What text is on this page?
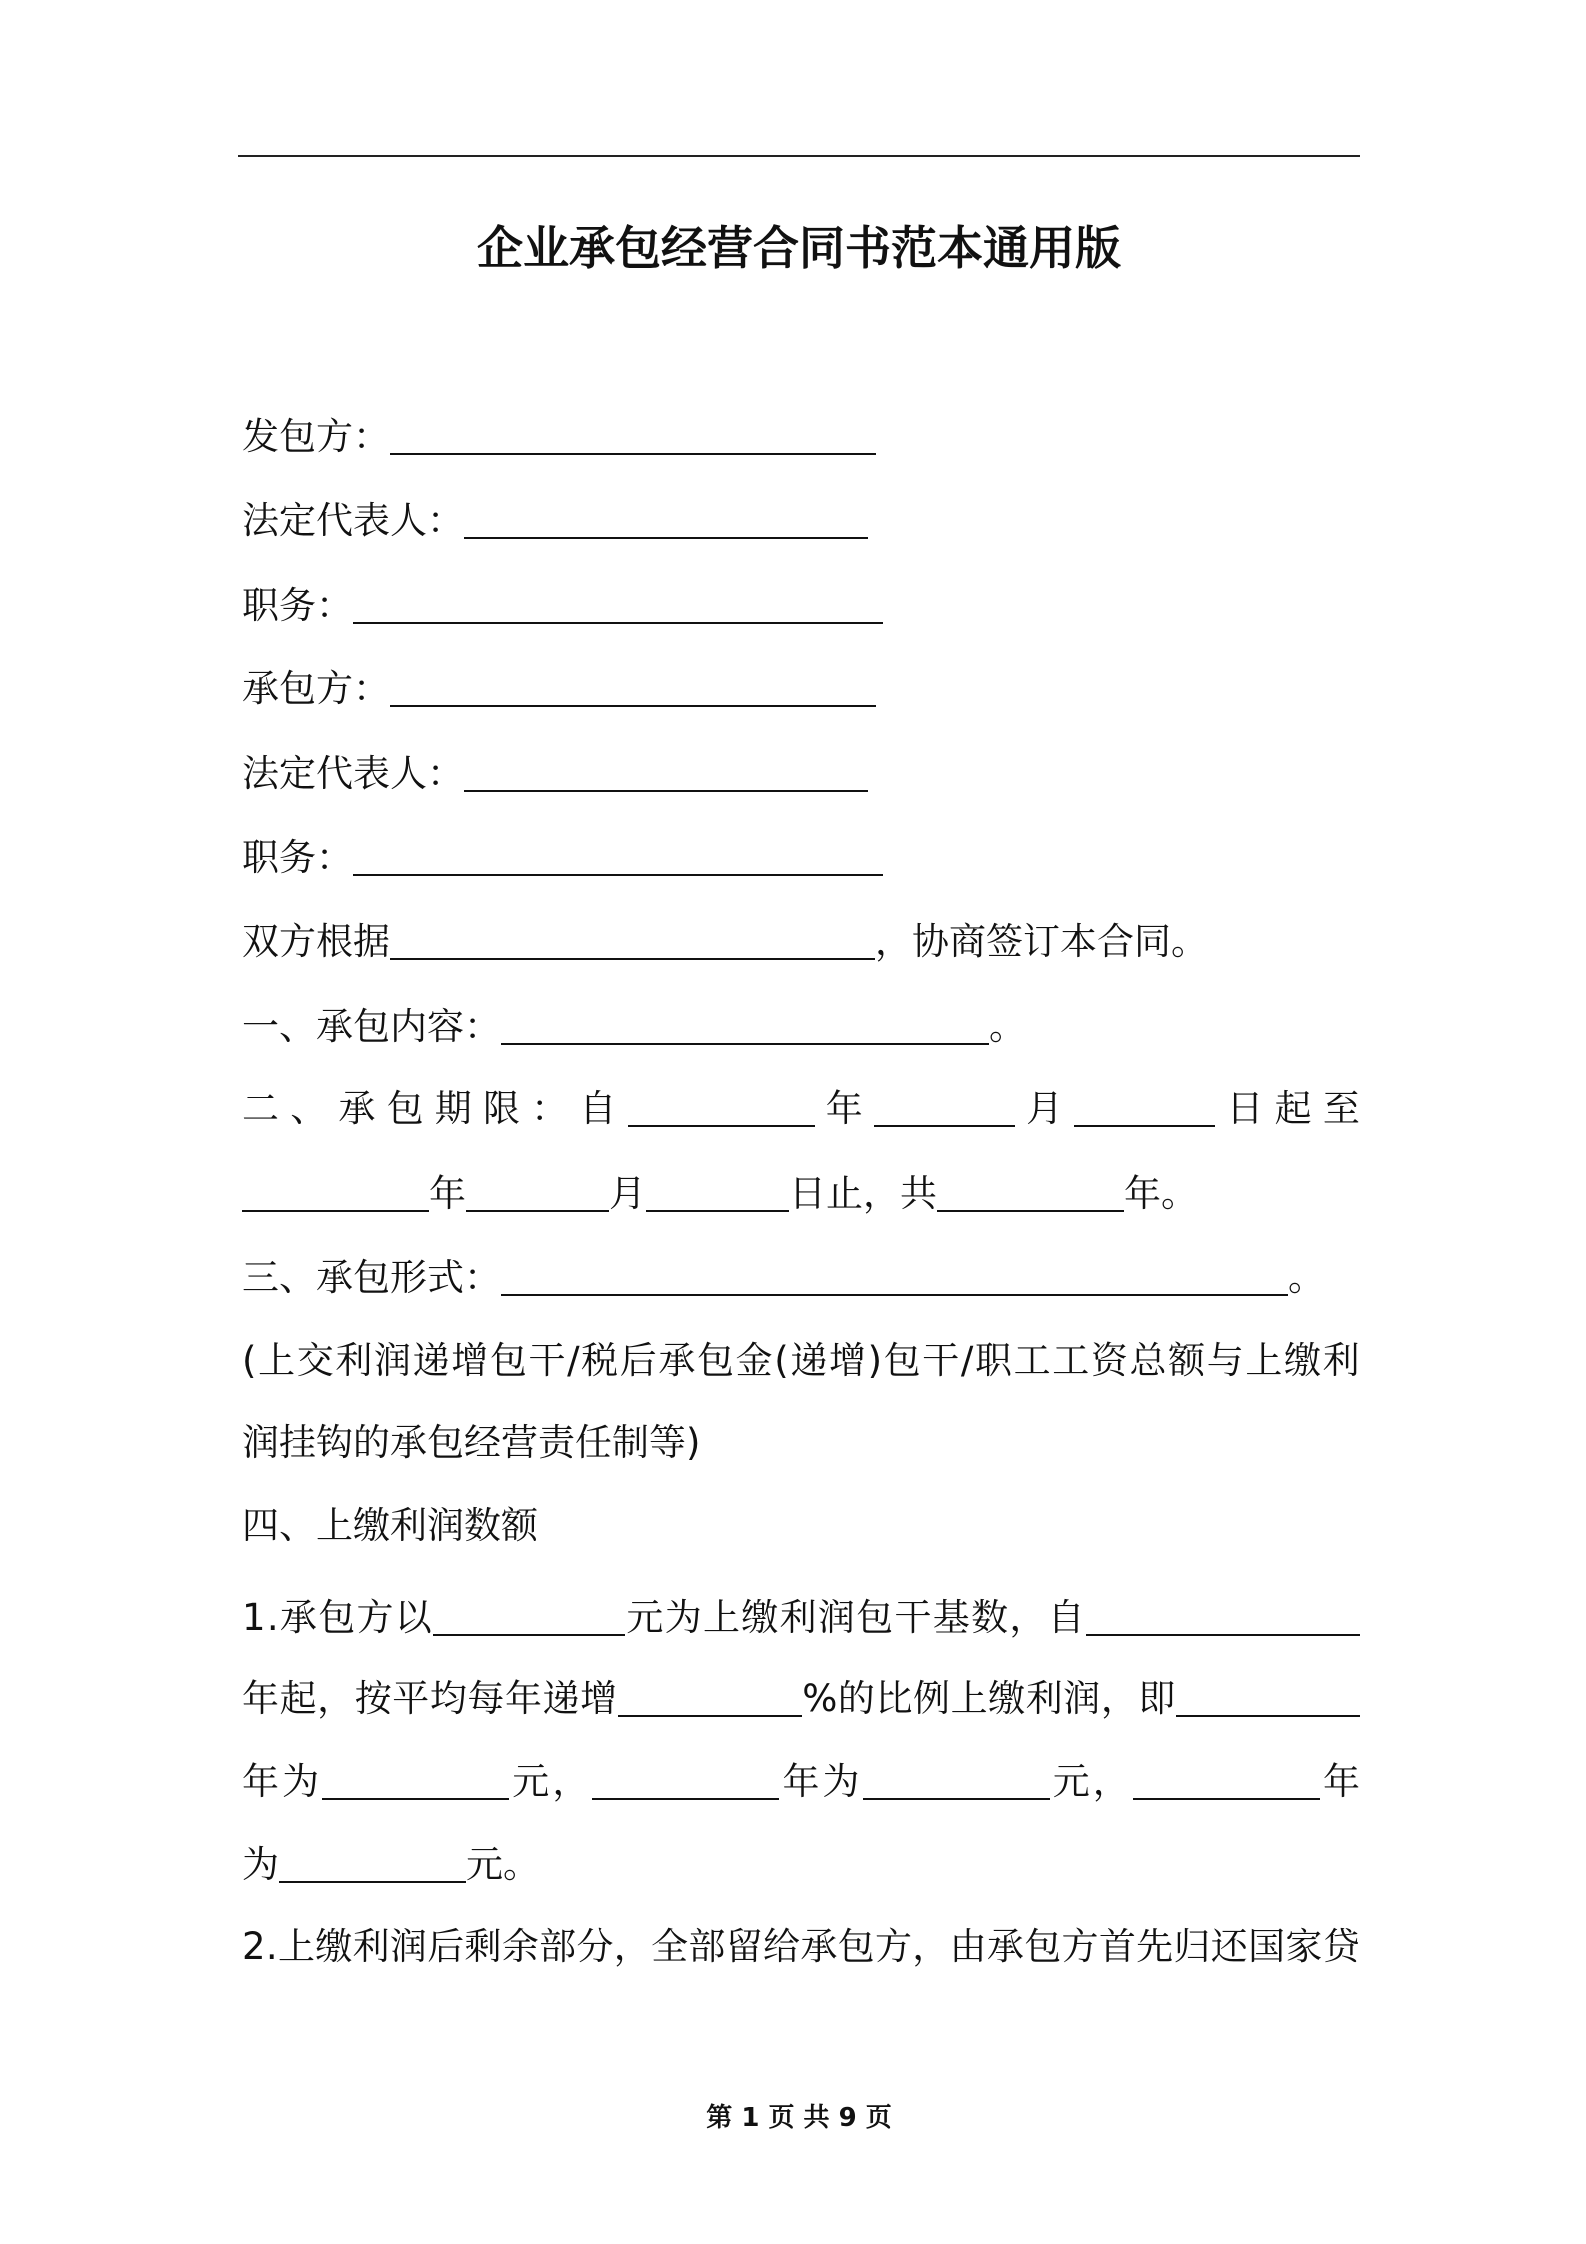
企业承包经营合同书范本通用版
发包方：
法定代表人：
职务：
承包方：
法定代表人：
职务：
双方根据	，协商签订本合同。
一、承包内容：	。
二 、 承 包 期 限 ： 自	年	月	日 起 至
年	月	日止，共	年。
三、承包形式：	。
( 上 交 利 润 递 增 包 干 / 税 后 承 包 金 ( 递 增 ) 包 干 / 职 工 工 资 总 额 与 上 缴 利
润挂钩的承包经营责任制等)
四、上缴利润数额
1 . 承 包 方 以	元 为 上 缴 利 润 包 干 基 数 ， 自
年 起 ， 按 平 均 每 年 递 增	% 的 比 例 上 缴 利 润 ， 即
年 为	元 ，	年 为	元 ，	年
为	元。
2 . 上 缴 利 润 后 剩 余 部 分 ， 全 部 留 给 承 包 方 ， 由 承 包 方 首 先 归 还 国 家 贷
第 1 页 共 9 页
